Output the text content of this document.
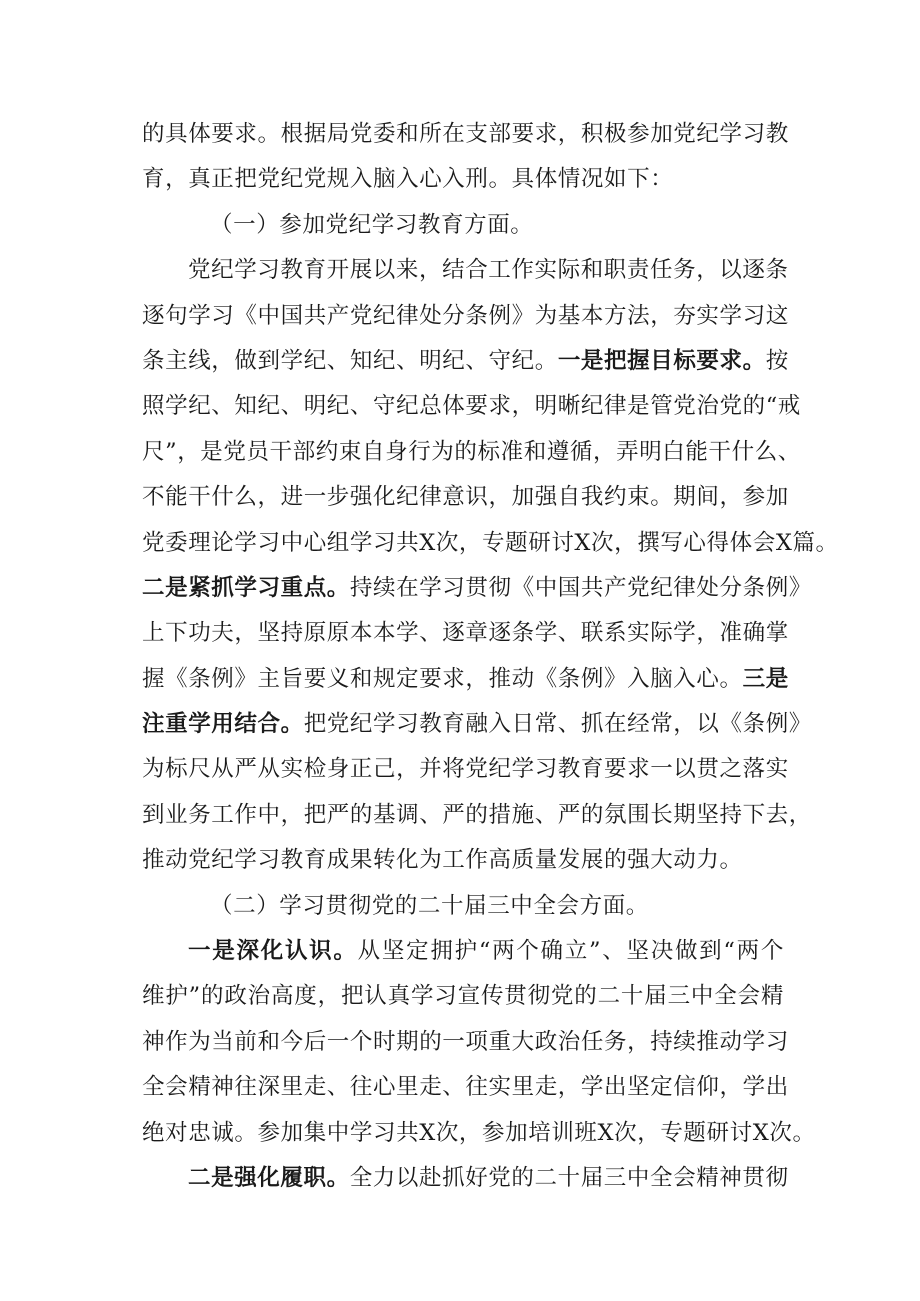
的具体要求。根据局党委和所在支部要求，积极参加党纪学习教
育，真正把党纪党规入脑入心入刑。具体情况如下：
（一）参加党纪学习教育方面。
党纪学习教育开展以来，结合工作实际和职责任务，以逐条
逐句学习《中国共产党纪律处分条例》为基本方法，夯实学习这
条主线，做到学纪、知纪、明纪、守纪。一是把握目标要求。按
照学纪、知纪、明纪、守纪总体要求，明晰纪律是管党治党的“戒
尺”，是党员干部约束自身行为的标准和遵循，弄明白能干什么、
不能干什么，进一步强化纪律意识，加强自我约束。期间，参加
党委理论学习中心组学习共X次，专题研讨X次，撰写心得体会X篇。
二是紧抓学习重点。持续在学习贯彻《中国共产党纪律处分条例》
上下功夫，坚持原原本本学、逐章逐条学、联系实际学，准确掌
握《条例》主旨要义和规定要求，推动《条例》入脑入心。三是
注重学用结合。把党纪学习教育融入日常、抓在经常，以《条例》
为标尺从严从实检身正己，并将党纪学习教育要求一以贯之落实
到业务工作中，把严的基调、严的措施、严的氛围长期坚持下去，
推动党纪学习教育成果转化为工作高质量发展的强大动力。
（二）学习贯彻党的二十届三中全会方面。
一是深化认识。从坚定拥护“两个确立”、坚决做到“两个
维护”的政治高度，把认真学习宣传贯彻党的二十届三中全会精
神作为当前和今后一个时期的一项重大政治任务，持续推动学习
全会精神往深里走、往心里走、往实里走，学出坚定信仰，学出
绝对忠诚。参加集中学习共X次，参加培训班X次，专题研讨X次。
二是强化履职。全力以赴抓好党的二十届三中全会精神贯彻
